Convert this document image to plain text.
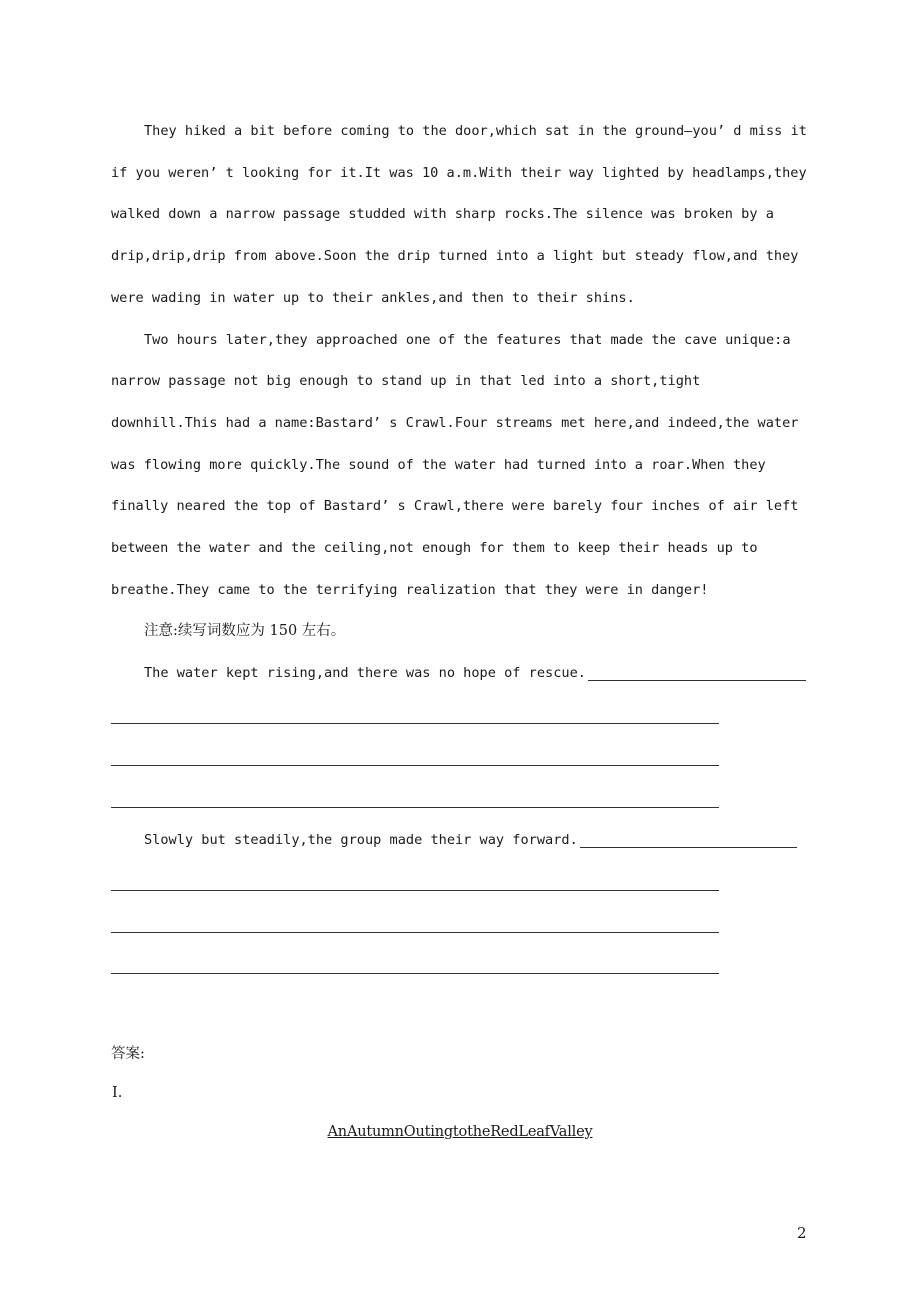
They hiked a bit before coming to the door,which sat in the ground—you’ d miss it if you weren’ t looking for it.It was 10 a.m.With their way lighted by headlamps,they walked down a narrow passage studded with sharp rocks.The silence was broken by a drip,drip,drip from above.Soon the drip turned into a light but steady flow,and they were wading in water up to their ankles,and then to their shins.

Two hours later,they approached one of the features that made the cave unique:a narrow passage not big enough to stand up in that led into a short,tight downhill.This had a name:Bastard’ s Crawl.Four streams met here,and indeed,the water was flowing more quickly.The sound of the water had turned into a roar.When they finally neared the top of Bastard’ s Crawl,there were barely four inches of air left between the water and the ceiling,not enough for them to keep their heads up to breathe.They came to the terrifying realization that they were in danger!

注意:续写词数应为 150 左右。

The water kept rising,and there was no hope of rescue.
Slowly but steadily,the group made their way forward.
答案:
Ⅰ.
AnAutumnOutingtotheRedLeafValley
2
